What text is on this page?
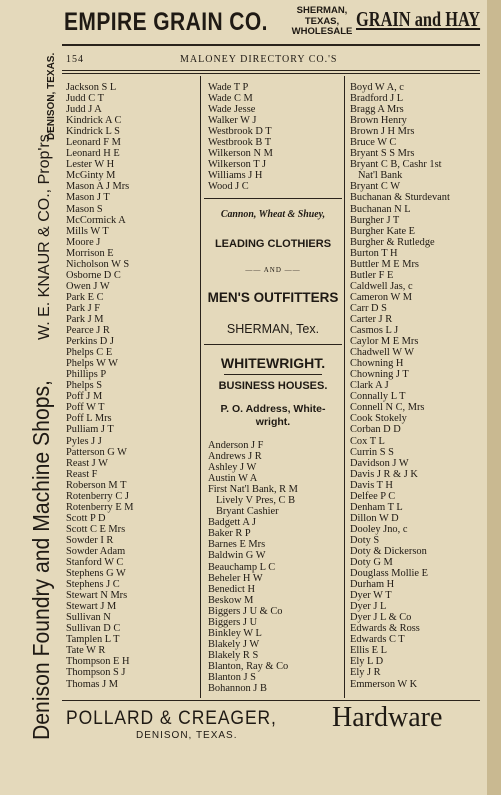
EMPIRE GRAIN CO.	SHERMAN,
TEXAS,
WHOLESALE
GRAIN and HAY
154	MALONEY DIRECTORY CO.'S
Jackson S L
Judd C T
Judd J A
Kindrick A C
Kindrick L S
Leonard F M
Leonard H E
Lester W H
McGinty M
Mason A J Mrs
Mason J T
Mason S
McCormick A
Mills W T
Moore J
Morrison E
Nicholson W S
Osborne D C
Owen J W
Park E C
Park J F
Park J M
Pearce J R
Perkins D J
Phelps C E
Phelps W W
Phillips P
Phelps S
Poff J M
Poff W T
Poff L Mrs
Pulliam J T
Pyles J J
Patterson G W
Reast J W
Reast F
Roberson M T
Rotenberry C J
Rotenberry E M
Scott P D
Scott C E Mrs
Sowder I R
Sowder Adam
Stanford W C
Stephens G W
Stephens J C
Stewart N Mrs
Stewart J M
Sullivan N
Sullivan D C
Tamplen L T
Tate W R
Thompson E H
Thompson S J
Thomas J M
Wade T P
Wade C M
Wade Jesse
Walker W J
Westbrook D T
Westbrook B T
Wilkerson N M
Wilkerson T J
Williams J H
Wood J C
Anderson J F
Andrews J R
Ashley J W
Austin W A
First Nat'l Bank, R M
Lively V Pres, C B
Bryant Cashier
Badgett A J
Baker R P
Barnes E Mrs
Baldwin G W
Beauchamp L C
Beheler H W
Benedict H
Beskow M
Biggers J U & Co
Biggers J U
Binkley W L
Blakely J W
Blakely R S
Blanton, Ray & Co
Blanton J S
Bohannon J B
Boyd W A, c
Bradford J L
Bragg A Mrs
Brown Henry
Brown J H Mrs
Bruce W C
Bryant S S Mrs
Bryant C B, Cashr 1st
Nat'l Bank
Bryant C W
Buchanan & Sturdevant
Buchanan N L
Burgher J T
Burgher Kate E
Burgher & Rutledge
Burton T H
Buttler M E Mrs
Butler F E
Caldwell Jas, c
Cameron W M
Carr D S
Carter J R
Casmos L J
Caylor M E Mrs
Chadwell W W
Chowning H
Chowning J T
Clark A J
Connally L T
Connell N C, Mrs
Cook Stokely
Corban D D
Cox T L
Currin S S
Davidson J W
Davis J R & J K
Davis T H
Delfee P C
Denham T L
Dillon W D
Dooley Jno, c
Doty S
Doty & Dickerson
Doty G M
Douglass Mollie E
Durham H
Dyer W T
Dyer J L
Dyer J L & Co
Edwards & Ross
Edwards C T
Ellis E L
Ely L D
Ely J R
Emmerson W K
Cannon, Wheat & Shuey,
LEADING CLOTHIERS
—— AND ——
MEN'S OUTFITTERS
SHERMAN, Tex.
WHITEWRIGHT.
BUSINESS HOUSES.
P. O. Address, White-
wright.
Denison Foundry and Machine Shops,
W. E. KNAUR & CO., Prop'rs,
DENISON, TEXAS.
POLLARD & CREAGER, Hardware
DENISON, TEXAS.
